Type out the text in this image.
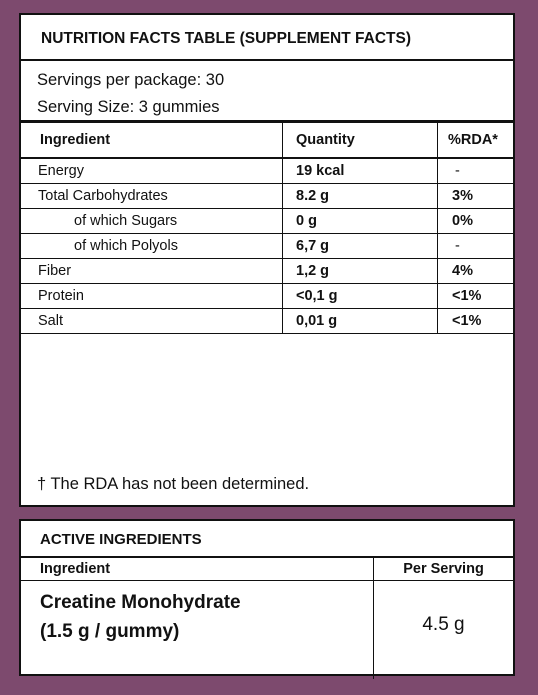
NUTRITION FACTS TABLE (SUPPLEMENT FACTS)
Servings per package: 30
Serving Size: 3 gummies
Ingredient	Quantity	%RDA*
Energy	19 kcal	-
Total Carbohydrates	8.2 g	3%
of which Sugars	0 g	0%
of which Polyols	6,7 g	-
Fiber	1,2 g	4%
Protein	<0,1 g	<1%
Salt	0,01 g	<1%
† The RDA has not been determined.
ACTIVE INGREDIENTS
Ingredient	Per Serving

Creatine Monohydrate
(1.5 g / gummy)	4.5 g
